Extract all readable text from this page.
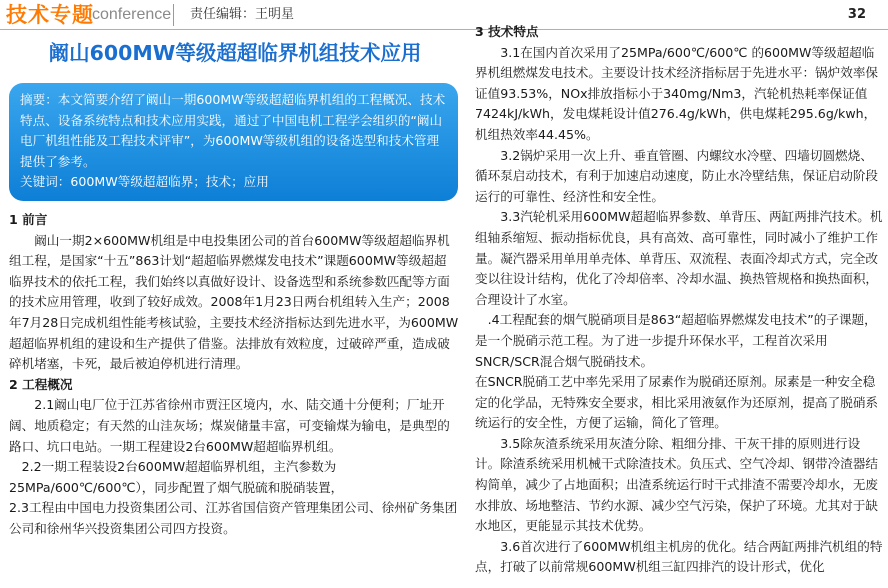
技术专题
conference 责任编辑：王明星	32
阚山600MW等级超超临界机组技术应用

摘要：本文简要介绍了阚山一期600MW等级超超临界机组的工程概况、技术特点、设备系统特点和技术应用实践，通过了中国电机工程学会组织的“阚山电厂机组性能及工程技术评审”，为600MW等级机组的设备选型和技术管理提供了参考。

关键词：600MW等级超超临界；技术；应用

1 前言

阚山一期2×600MW机组是中电投集团公司的首台600MW等级超超临界机组工程，是国家“十五”863计划“超超临界燃煤发电技术”课题600MW等级超超临界技术的依托工程，我们始终以真做好设计、设备选型和系统参数匹配等方面的技术应用管理，收到了较好成效。2008年1月23日两台机组转入生产；2008年7月28日完成机组性能考核试验，主要技术经济指标达到先进水平，为600MW超超临界机组的建设和生产提供了借鉴。法排放有效粒度，过破碎严重，造成破碎机堵塞，卡死，最后被迫停机进行清理。

2 工程概况

2.1阚山电厂位于江苏省徐州市贾汪区境内，水、陆交通十分便利；厂址开阔、地质稳定；有天然的山洼灰场；煤炭储量丰富，可变输煤为输电，是典型的路口、坑口电站。一期工程建设2台600MW超超临界机组。

2.2一期工程装设2台600MW超超临界机组，主汽参数为25MPa/600℃/600℃），同步配置了烟气脱硫和脱硝装置，

2.3工程由中国电力投资集团公司、江苏省国信资产管理集团公司、徐州矿务集团公司和徐州华兴投资集团公司四方投资。

3 技术特点

3.1在国内首次采用了25MPa/600℃/600℃ 的600MW等级超超临界机组燃煤发电技术。主要设计技术经济指标居于先进水平：锅炉效率保证值93.53%，NOx排放指标小于340mg/Nm3，汽轮机热耗率保证值7424kJ/kWh，发电煤耗设计值276.4g/kWh，供电煤耗295.6g/kwh，机组热效率44.45%。

3.2锅炉采用一次上升、垂直管圈、内螺纹水冷壁、四墙切圆燃烧、循环泵启动技术，有利于加速启动速度，防止水冷壁结焦，保证启动阶段运行的可靠性、经济性和安全性。

3.3汽轮机采用600MW超超临界参数、单背压、两缸两排汽技术。机组轴系缩短、振动指标优良，具有高效、高可靠性，同时减小了维护工作量。凝汽器采用单用单壳体、单背压、双流程、表面冷却式方式，完全改变以往设计结构，优化了冷却倍率、冷却水温、换热管规格和换热面积，合理设计了水室。

.4工程配套的烟气脱硝项目是863“超超临界燃煤发电技术”的子课题，是一个脱硝示范工程。为了进一步提升环保水平，工程首次采用SNCR/SCR混合烟气脱硝技术。

在SNCR脱硝工艺中率先采用了尿素作为脱硝还原剂。尿素是一种安全稳定的化学品，无特殊安全要求，相比采用液氨作为还原剂，提高了脱硝系统运行的安全性，方便了运输，简化了管理。

3.5除灰渣系统采用灰渣分除、粗细分排、干灰干排的原则进行设计。除渣系统采用机械干式除渣技术。负压式、空气冷却、钢带冷渣器结构简单，减少了占地面积；出渣系统运行时干式排渣不需要冷却水，无废水排放、场地整洁、节约水源、减少空气污染，保护了环境。尤其对于缺水地区，更能显示其技术优势。

3.6首次进行了600MW机组主机房的优化。结合两缸两排汽机组的特点，打破了以前常规600MW机组三缸四排汽的设计形式，优化
